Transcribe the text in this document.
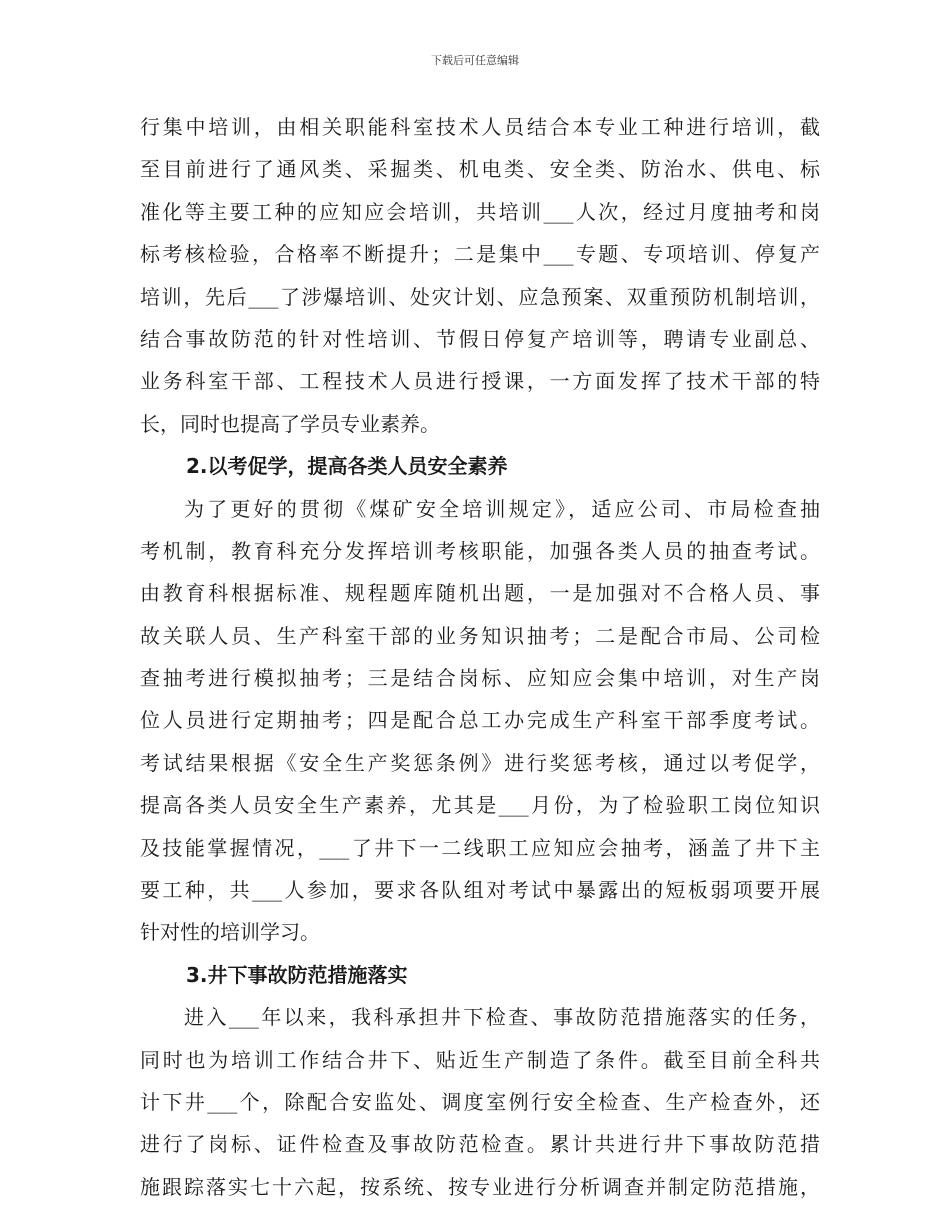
下载后可任意编辑
行集中培训，由相关职能科室技术人员结合本专业工种进行培训，截
至目前进行了通风类、采掘类、机电类、安全类、防治水、供电、标
准化等主要工种的应知应会培训，共培训___人次，经过月度抽考和岗
标考核检验，合格率不断提升；二是集中___专题、专项培训、停复产
培训，先后___了涉爆培训、处灾计划、应急预案、双重预防机制培训，
结合事故防范的针对性培训、节假日停复产培训等，聘请专业副总、
业务科室干部、工程技术人员进行授课，一方面发挥了技术干部的特
长，同时也提高了学员专业素养。
2.以考促学，提高各类人员安全素养
为了更好的贯彻《煤矿安全培训规定》，适应公司、市局检查抽
考机制，教育科充分发挥培训考核职能，加强各类人员的抽查考试。
由教育科根据标准、规程题库随机出题，一是加强对不合格人员、事
故关联人员、生产科室干部的业务知识抽考；二是配合市局、公司检
查抽考进行模拟抽考；三是结合岗标、应知应会集中培训，对生产岗
位人员进行定期抽考；四是配合总工办完成生产科室干部季度考试。
考试结果根据《安全生产奖惩条例》进行奖惩考核，通过以考促学，
提高各类人员安全生产素养，尤其是___月份，为了检验职工岗位知识
及技能掌握情况，___了井下一二线职工应知应会抽考，涵盖了井下主
要工种，共___人参加，要求各队组对考试中暴露出的短板弱项要开展
针对性的培训学习。
3.井下事故防范措施落实
进入___年以来，我科承担井下检查、事故防范措施落实的任务，
同时也为培训工作结合井下、贴近生产制造了条件。截至目前全科共
计下井___个，除配合安监处、调度室例行安全检查、生产检查外，还
进行了岗标、证件检查及事故防范检查。累计共进行井下事故防范措
施跟踪落实七十六起，按系统、按专业进行分析调查并制定防范措施，
